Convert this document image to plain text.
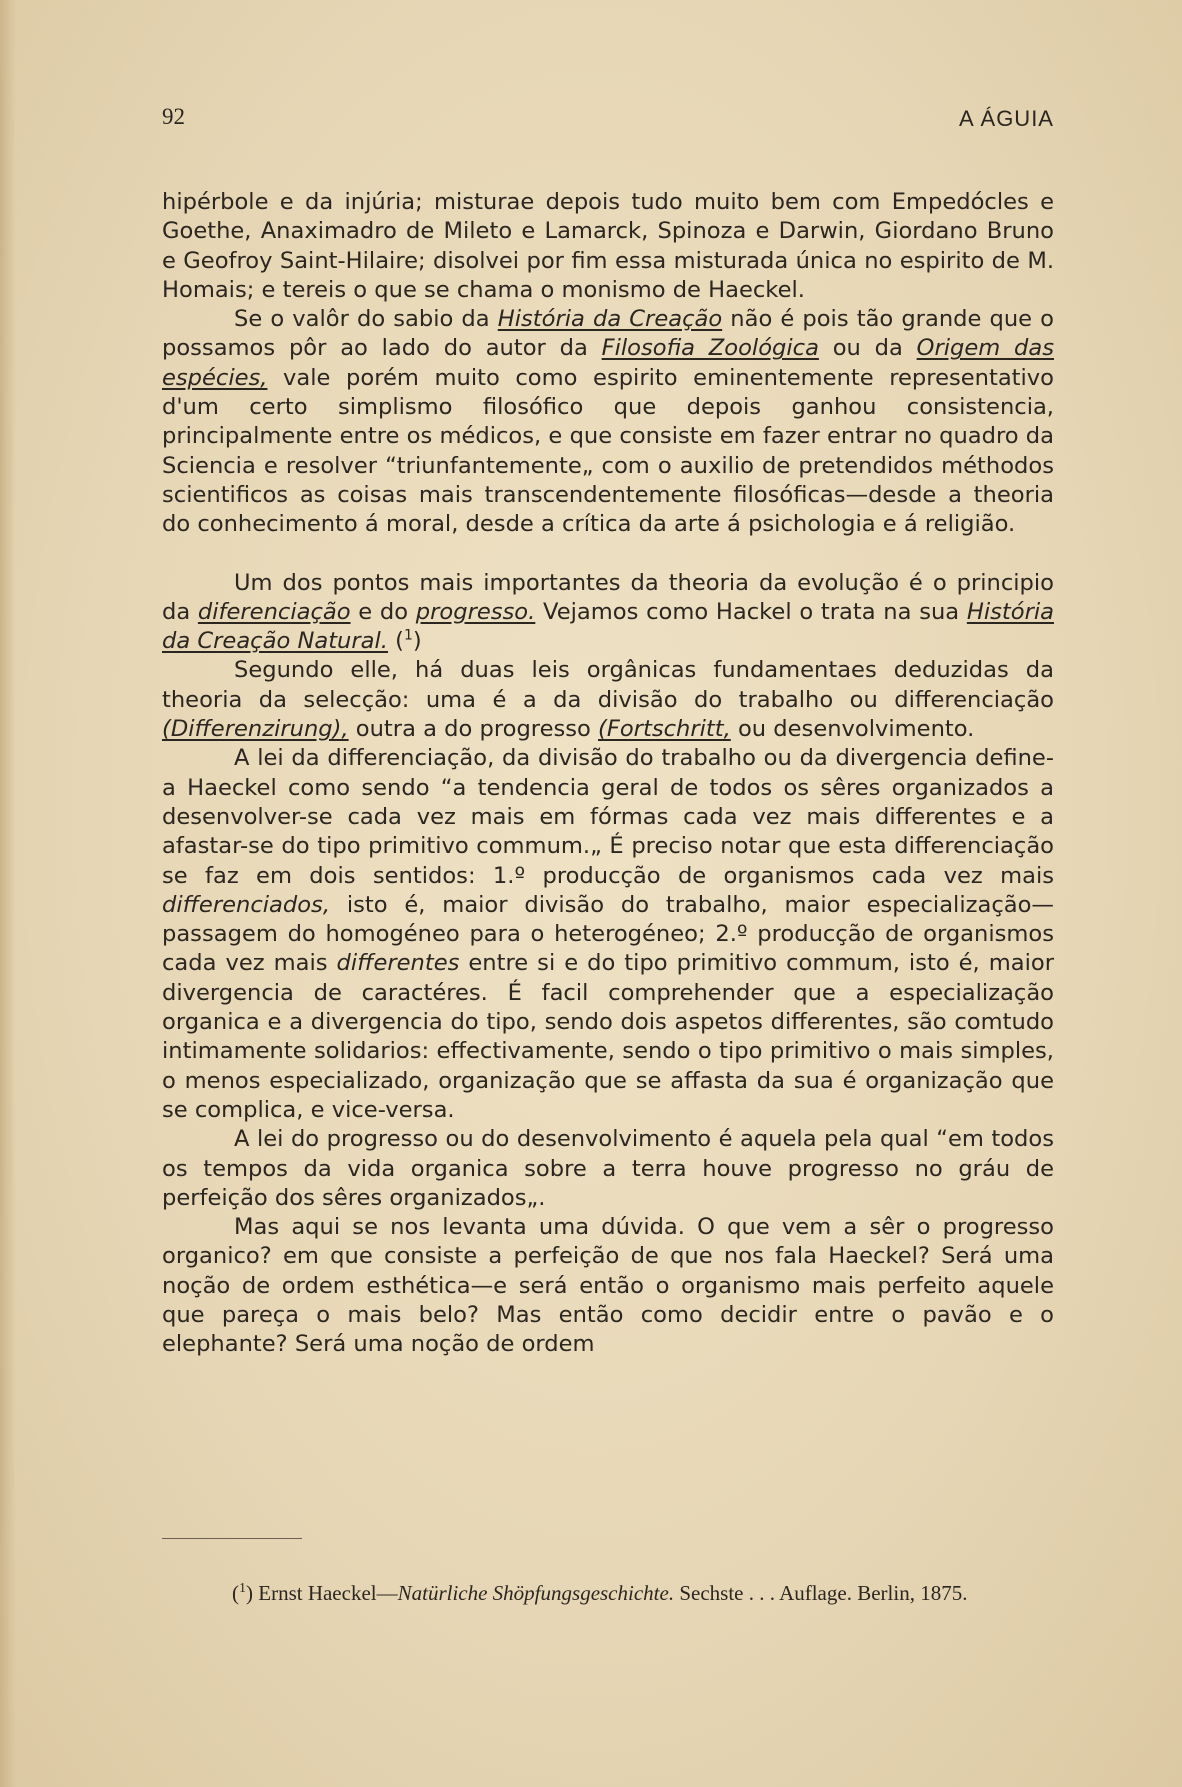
92	A ÁGUIA

hipérbole e da injúria; misturae depois tudo muito bem com Empedócles e Goethe, Anaximadro de Mileto e Lamarck, Spinoza e Darwin, Giordano Bruno e Geofroy Saint-Hilaire; disolvei por fim essa misturada única no espirito de M. Homais; e tereis o que se chama o monismo de Haeckel.

Se o valôr do sabio da História da Creação não é pois tão grande que o possamos pôr ao lado do autor da Filosofia Zoológica ou da Origem das espécies, vale porém muito como espirito eminentemente representativo d'um certo simplismo filosófico que depois ganhou consistencia, principalmente entre os médicos, e que consiste em fazer entrar no quadro da Sciencia e resolver “triunfantemente„ com o auxilio de pretendidos méthodos scientificos as coisas mais transcendentemente filosóficas—desde a theoria do conhecimento á moral, desde a crítica da arte á psichologia e á religião.

Um dos pontos mais importantes da theoria da evolução é o principio da diferenciação e do progresso. Vejamos como Hackel o trata na sua História da Creação Natural. ($^1$)

Segundo elle, há duas leis orgânicas fundamentaes deduzidas da theoria da selecção: uma é a da divisão do trabalho ou differenciação (Differenzirung), outra a do progresso (Fortschritt, ou desenvolvimento.

A lei da differenciação, da divisão do trabalho ou da divergencia define-a Haeckel como sendo “a tendencia geral de todos os sêres organizados a desenvolver-se cada vez mais em fórmas cada vez mais differentes e a afastar-se do tipo primitivo commum.„ É preciso notar que esta differenciação se faz em dois sentidos: 1.º producção de organismos cada vez mais differenciados, isto é, maior divisão do trabalho, maior especialização—passagem do homogéneo para o heterogéneo; 2.º producção de organismos cada vez mais differentes entre si e do tipo primitivo commum, isto é, maior divergencia de caractéres. É facil comprehender que a especialização organica e a divergencia do tipo, sendo dois aspetos differentes, são comtudo intimamente solidarios: effectivamente, sendo o tipo primitivo o mais simples, o menos especializado, organização que se affasta da sua é organização que se complica, e vice-versa.

A lei do progresso ou do desenvolvimento é aquela pela qual “em todos os tempos da vida organica sobre a terra houve progresso no gráu de perfeição dos sêres organizados„.

Mas aqui se nos levanta uma dúvida. O que vem a sêr o progresso organico? em que consiste a perfeição de que nos fala Haeckel? Será uma noção de ordem esthética—e será então o organismo mais perfeito aquele que pareça o mais belo? Mas então como decidir entre o pavão e o elephante? Será uma noção de ordem

($^1$) Ernst Haeckel—Natürliche Shöpfungsgeschichte. Sechste . . . Auflage. Berlin, 1875.
